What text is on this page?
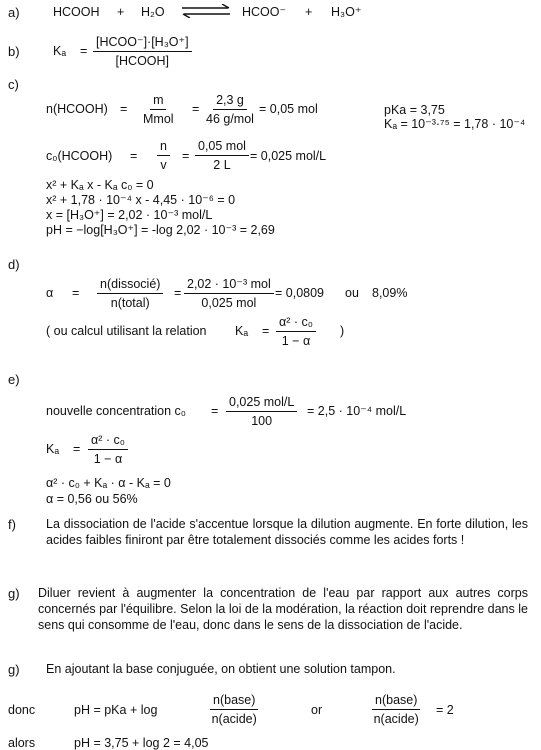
a)	HCOOH + H₂O	HCOO⁻ + H₃O⁺
b)	Kₐ =
[HCOO⁻]·[H₃O⁺]
[HCOOH]
c)
n(HCOOH) =
m
Mmol
=
2,3 g
46 g/mol
= 0,05 mol	pKa = 3,75
Kₐ = 10⁻³·⁷⁵ = 1,78 · 10⁻⁴
c₀(HCOOH) = $\frac{n}{v}$ =
0,05 mol
2 L
= 0,025 mol/L
x² + Kₐ x - Kₐ c₀ = 0
x² + 1,78 · 10⁻⁴ x - 4,45 · 10⁻⁶ = 0
x = [H₃O⁺] = 2,02 · 10⁻³ mol/L
pH = −log[H₃O⁺] = -log 2,02 · 10⁻³ = 2,69
d)
α =
n(dissocié)
n(total)
=
2,02 · 10⁻³ mol
0,025 mol
= 0,0809 ou 8,09%
( ou calcul utilisant la relation $K_a = \frac{\text{α² · c₀}}{1 - \alpha}$ )
e)
nouvelle concentration c₀ =
0,025 mol/L
100
= 2,5 · 10⁻⁴ mol/L
$K_a = \frac{\text{α² · c₀}}{1 - \alpha}$
α² · c₀ + Kₐ · α - Kₐ = 0
α = 0,56 ou 56%
f) La dissociation de l'acide s'accentue lorsque la dilution augmente. En forte dilution, les acides faibles finiront par être totalement dissociés comme les acides forts !
g) Diluer revient à augmenter la concentration de l'eau par rapport aux autres corps concernés par l'équilibre. Selon la loi de la modération, la réaction doit reprendre dans le sens qui consomme de l'eau, donc dans le sens de la dissociation de l'acide.
g) En ajoutant la base conjuguée, on obtient une solution tampon.
donc	pH = pKa + log
n(base)
n(acide)
or
n(base)
n(acide)
= 2
alors	pH = 3,75 + log 2 = 4,05
